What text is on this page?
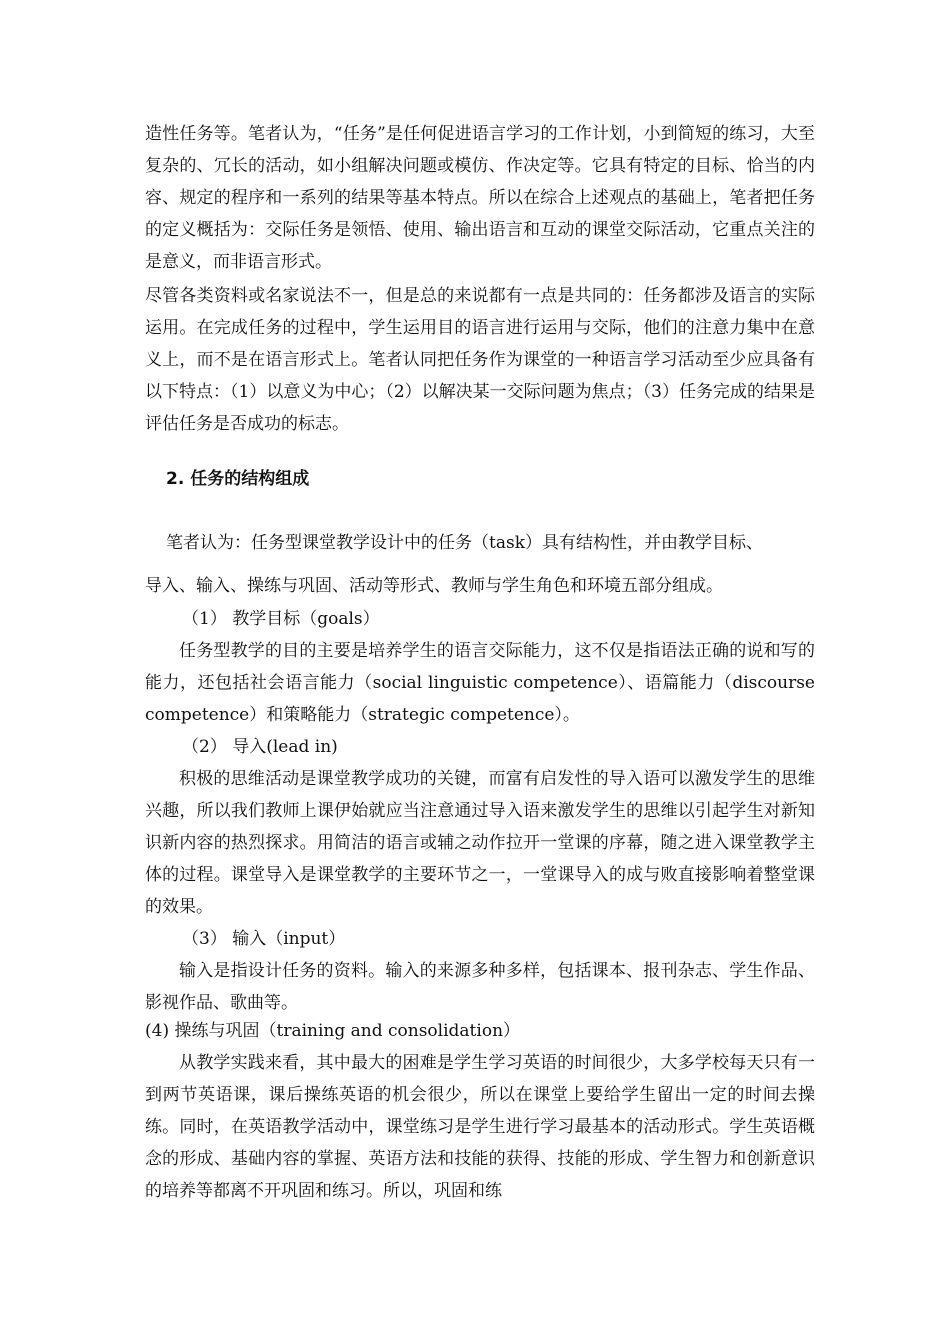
造性任务等。笔者认为，“任务”是任何促进语言学习的工作计划，小到简短的练习，大至复杂的、冗长的活动，如小组解决问题或模仿、作决定等。它具有特定的目标、恰当的内容、规定的程序和一系列的结果等基本特点。所以在综合上述观点的基础上，笔者把任务的定义概括为：交际任务是领悟、使用、输出语言和互动的课堂交际活动，它重点关注的是意义，而非语言形式。
尽管各类资料或名家说法不一，但是总的来说都有一点是共同的：任务都涉及语言的实际运用。在完成任务的过程中，学生运用目的语言进行运用与交际，他们的注意力集中在意义上，而不是在语言形式上。笔者认同把任务作为课堂的一种语言学习活动至少应具备有以下特点：（1）以意义为中心；（2）以解决某一交际问题为焦点；（3）任务完成的结果是评估任务是否成功的标志。
2. 任务的结构组成
笔者认为：任务型课堂教学设计中的任务（task）具有结构性，并由教学目标、
导入、输入、操练与巩固、活动等形式、教师与学生角色和环境五部分组成。
（1） 教学目标（goals）
任务型教学的目的主要是培养学生的语言交际能力，这不仅是指语法正确的说和写的能力，还包括社会语言能力（social linguistic competence）、语篇能力（discourse competence）和策略能力（strategic competence）。
（2） 导入(lead in)
积极的思维活动是课堂教学成功的关键，而富有启发性的导入语可以激发学生的思维兴趣，所以我们教师上课伊始就应当注意通过导入语来激发学生的思维以引起学生对新知识新内容的热烈探求。用简洁的语言或辅之动作拉开一堂课的序幕，随之进入课堂教学主体的过程。课堂导入是课堂教学的主要环节之一，一堂课导入的成与败直接影响着整堂课的效果。
（3） 输入（input）
输入是指设计任务的资料。输入的来源多种多样，包括课本、报刊杂志、学生作品、影视作品、歌曲等。
(4) 操练与巩固（training and consolidation）
从教学实践来看，其中最大的困难是学生学习英语的时间很少，大多学校每天只有一到两节英语课，课后操练英语的机会很少，所以在课堂上要给学生留出一定的时间去操练。同时，在英语教学活动中，课堂练习是学生进行学习最基本的活动形式。学生英语概念的形成、基础内容的掌握、英语方法和技能的获得、技能的形成、学生智力和创新意识的培养等都离不开巩固和练习。所以，巩固和练
